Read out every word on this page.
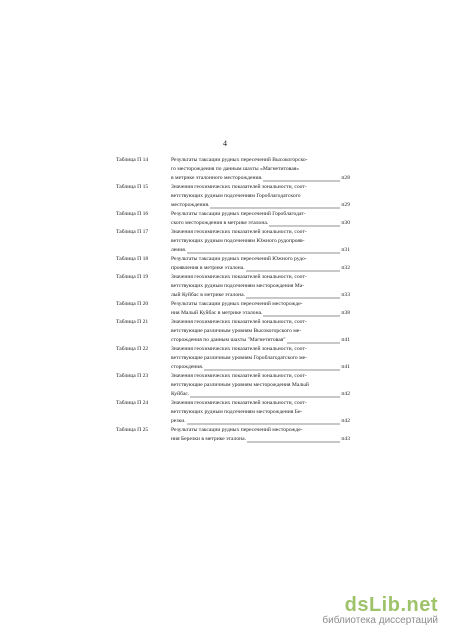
4
Таблица П 14	Результаты таксации рудных пересечений Высокогорско-
го месторождения по данным шахты «Магнетитовая»
в метрике эталонного месторождения.	п28
Таблица П 15	Значения геохимических показателей зональности, соот-
ветствующих рудным подсечениям Гороблагодатского
месторождения.	п29
Таблица П 16	Результаты таксации рудных пересечений Гороблагодат-
ского месторождения в метрике эталона.	п30
Таблица П 17	Значения геохимических показателей зональности, соот-
ветствующих рудным подсечениям Южного рудопрояв-
ления.	п31
Таблица П 18	Результаты таксации рудных пересечений Южного рудо-
проявления в метрике эталона.	п32
Таблица П 19	Значения геохимических показателей зональности, соот-
ветствующих рудным подсечениям месторождения Ма-
лый Куйбас в метрике эталона.	п33
Таблица П 20	Результаты таксации рудных пересечений месторожде-
ния Малый Куйбас в метрике эталона.	п38
Таблица П 21	Значения геохимических показателей зональности, соот-
ветствующие различным уровням Высокогорского ме-
сторождения по данным шахты "Магнетитовая"	п41
Таблица П 22	Значения геохимических показателей зональности, соот-
ветствующие различным уровням Гороблагодатского ме-
сторождения.	п41
Таблица П 23	Значения геохимических показателей зональности, соот-
ветствующие различным уровням месторождения Малый
Куйбас.	п42
Таблица П 24	Значения геохимических показателей зональности, соот-
ветствующих рудным подсечениям месторождения Бе-
резки.	п42
Таблица П 25	Результаты таксации рудных пересечений месторожде-
ния Березки в метрике эталона.	п43
dsLib.net
библиотека диссертаций
